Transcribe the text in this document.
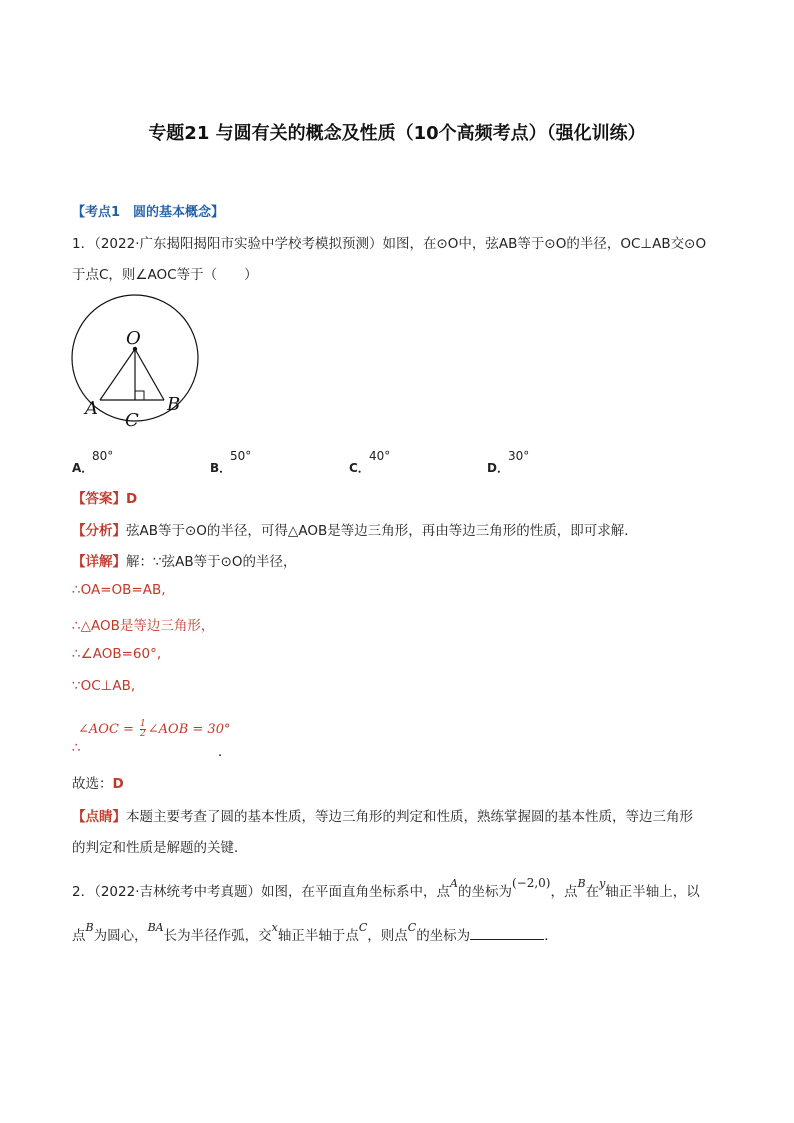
专题21 与圆有关的概念及性质（10个高频考点）（强化训练）
【考点1　圆的基本概念】
1．（2022·广东揭阳揭阳市实验中学校考模拟预测）如图，在⊙O中，弦AB等于⊙O的半径，OC⊥AB交⊙O
于点C，则∠AOC等于（　　）
O
A	B
C
A．
80°
B．
50°
C．
40°
D．
30°
【答案】D
【分析】弦AB等于⊙O的半径，可得△AOB是等边三角形，再由等边三角形的性质，即可求解．
【详解】解：∵弦AB等于⊙O的半径，
∴OA=OB=AB,
∴△AOB是等边三角形，
∴∠AOB=60°,
∵OC⊥AB,
∠AOC = $\frac{1}{2}$ ∠AOB = 30°
∴	．
故选：D
【点睛】本题主要考查了圆的基本性质，等边三角形的判定和性质，熟练掌握圆的基本性质，等边三角形
的判定和性质是解题的关键．
2．（2022·吉林统考中考真题）如图，在平面直角坐标系中，点$^A$的坐标为(−2,0)，点$^B$在$^y$轴正半轴上，以
点$^B$为圆心，$^{BA}$长为半径作弧，交$^x$轴正半轴于点$^C$，则点$^C$的坐标为	．
